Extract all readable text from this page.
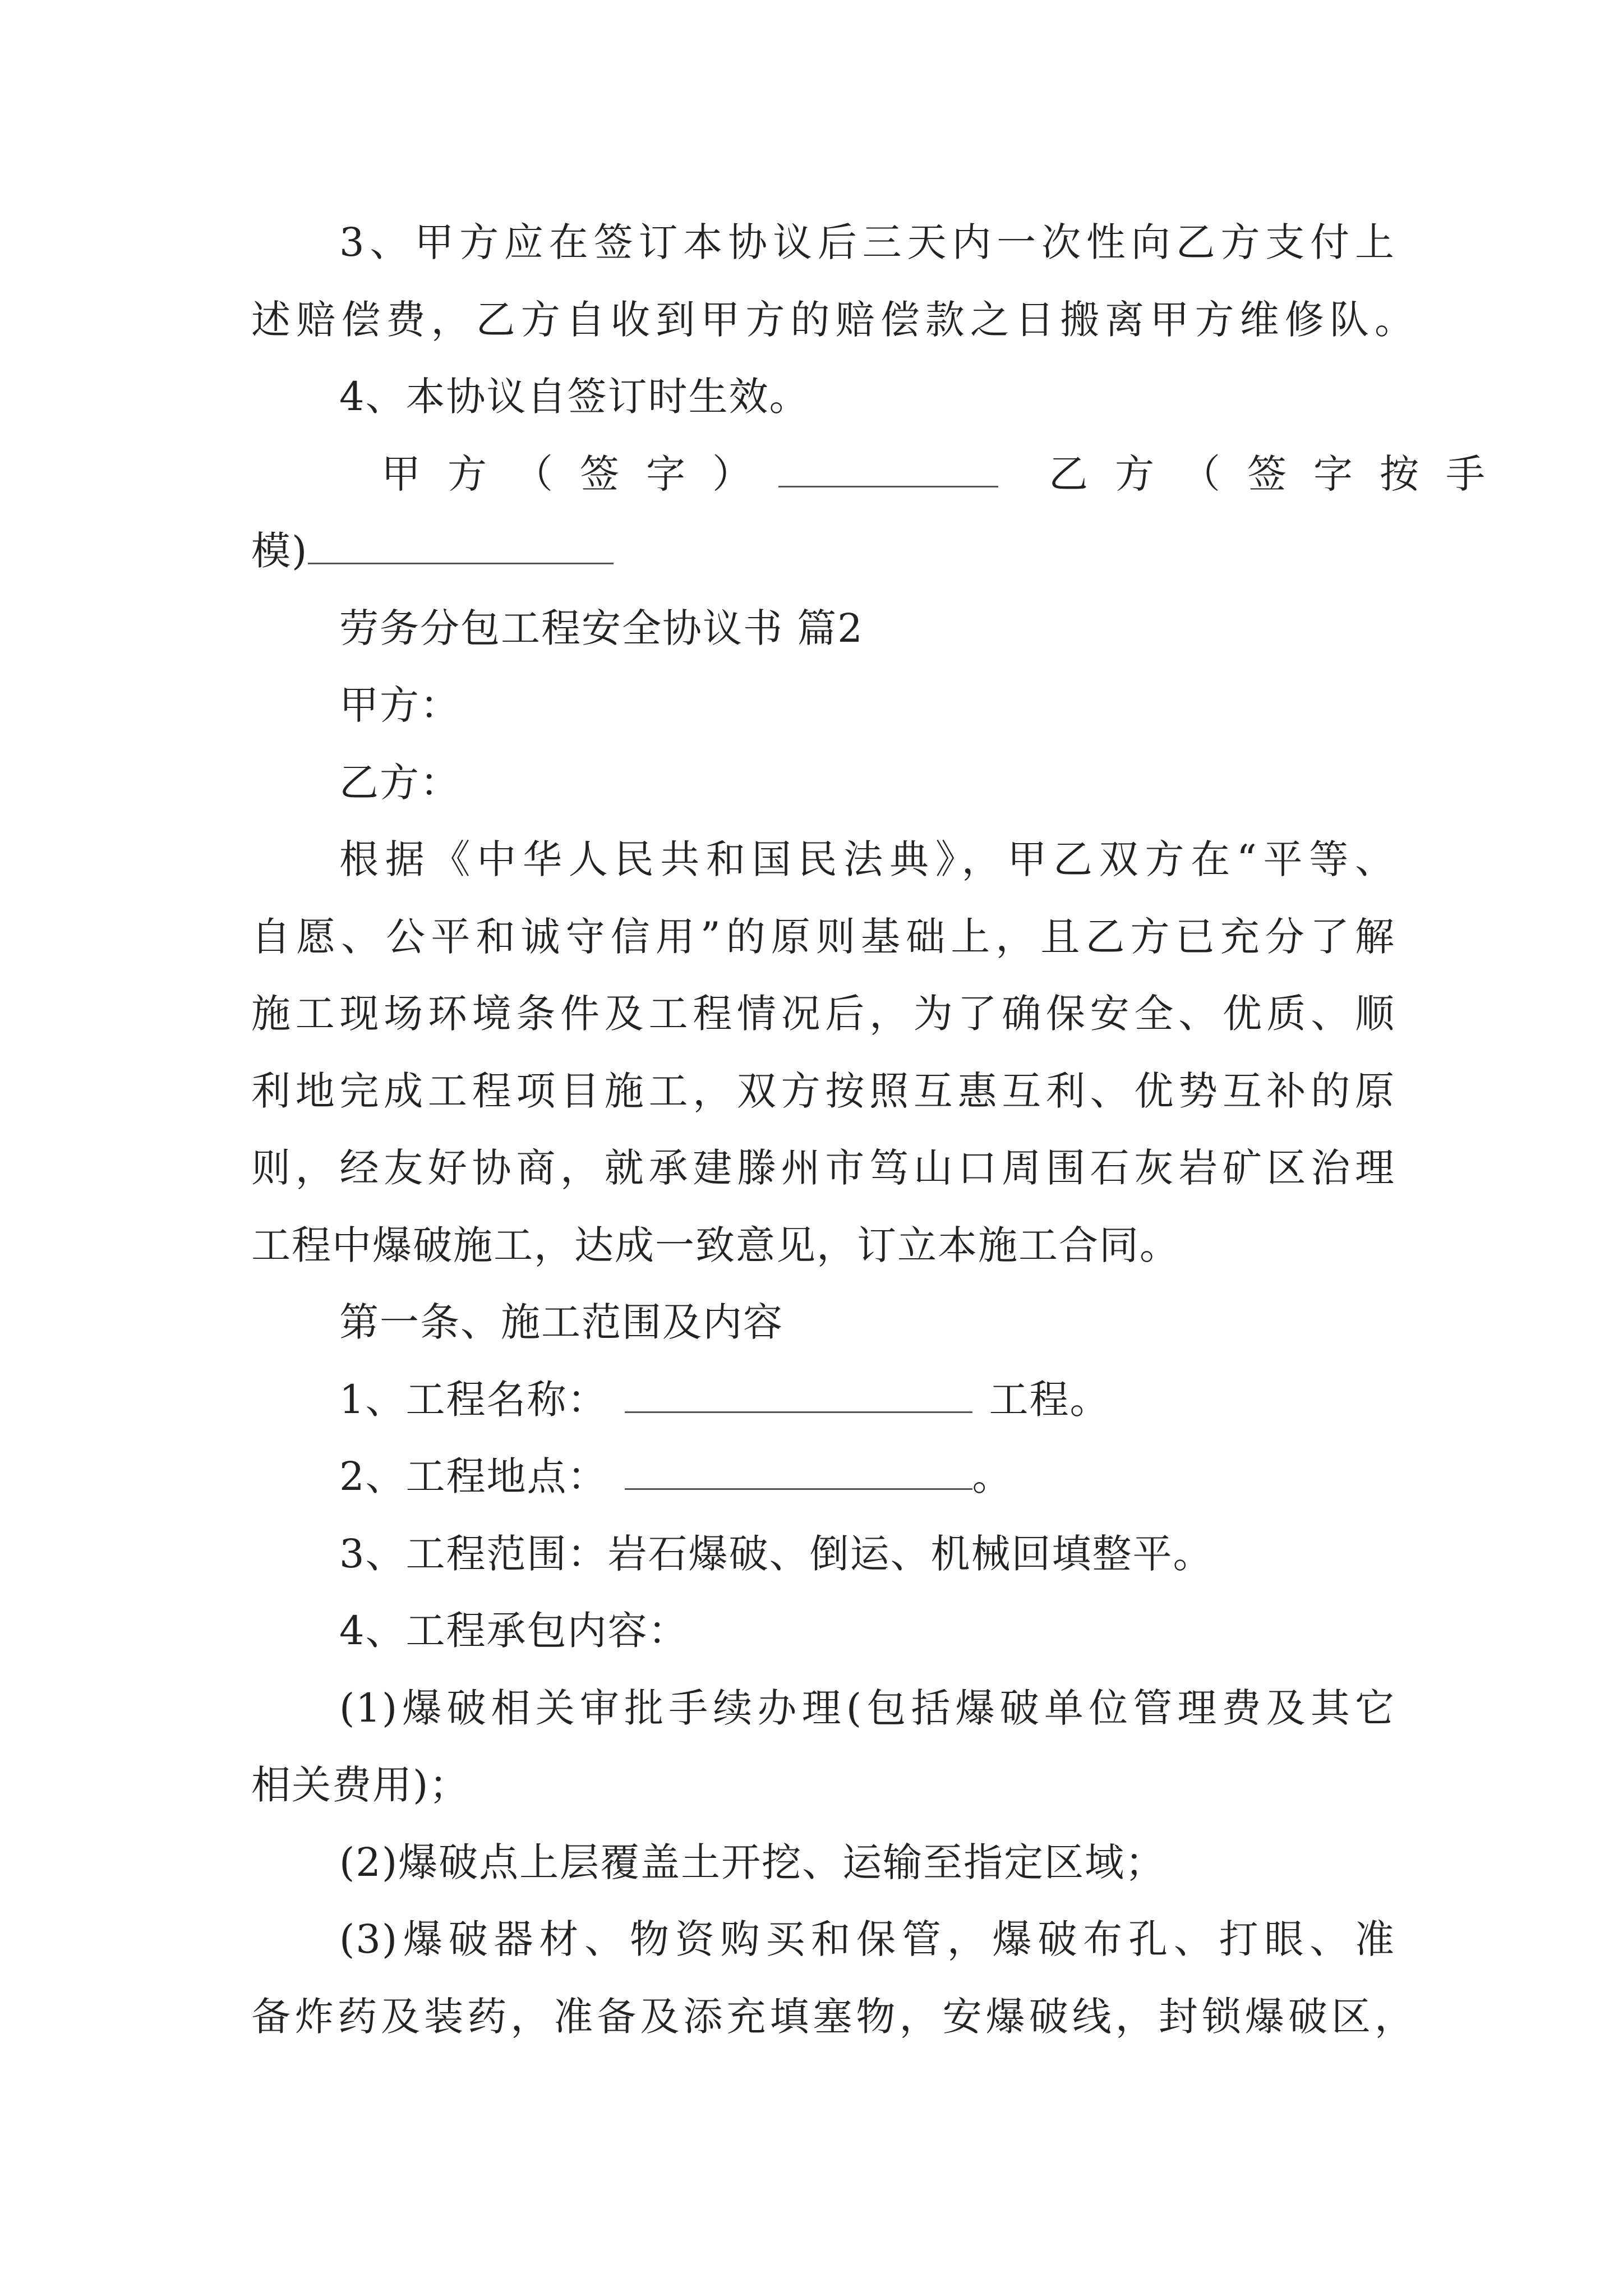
3、甲方应在签订本协议后三天内一次性向乙方支付上
述赔偿费，乙方自收到甲方的赔偿款之日搬离甲方维修队。
4、本协议自签订时生效。
甲方（签字）	乙方（签字按手
模)
劳务分包工程安全协议书 篇2
甲方：
乙方：
根据《中华人民共和国民法典》，甲乙双方在“平等、
自愿、公平和诚守信用”的原则基础上，且乙方已充分了解
施工现场环境条件及工程情况后，为了确保安全、优质、顺
利地完成工程项目施工，双方按照互惠互利、优势互补的原
则，经友好协商，就承建滕州市笃山口周围石灰岩矿区治理
工程中爆破施工，达成一致意见，订立本施工合同。
第一条、施工范围及内容
1、工程名称：	工程。
2、工程地点：	。
3、工程范围：岩石爆破、倒运、机械回填整平。
4、工程承包内容：
(1)爆破相关审批手续办理(包括爆破单位管理费及其它
相关费用)；
(2)爆破点上层覆盖土开挖、运输至指定区域；
(3)爆破器材、物资购买和保管，爆破布孔、打眼、准
备炸药及装药，准备及添充填塞物，安爆破线，封锁爆破区，
